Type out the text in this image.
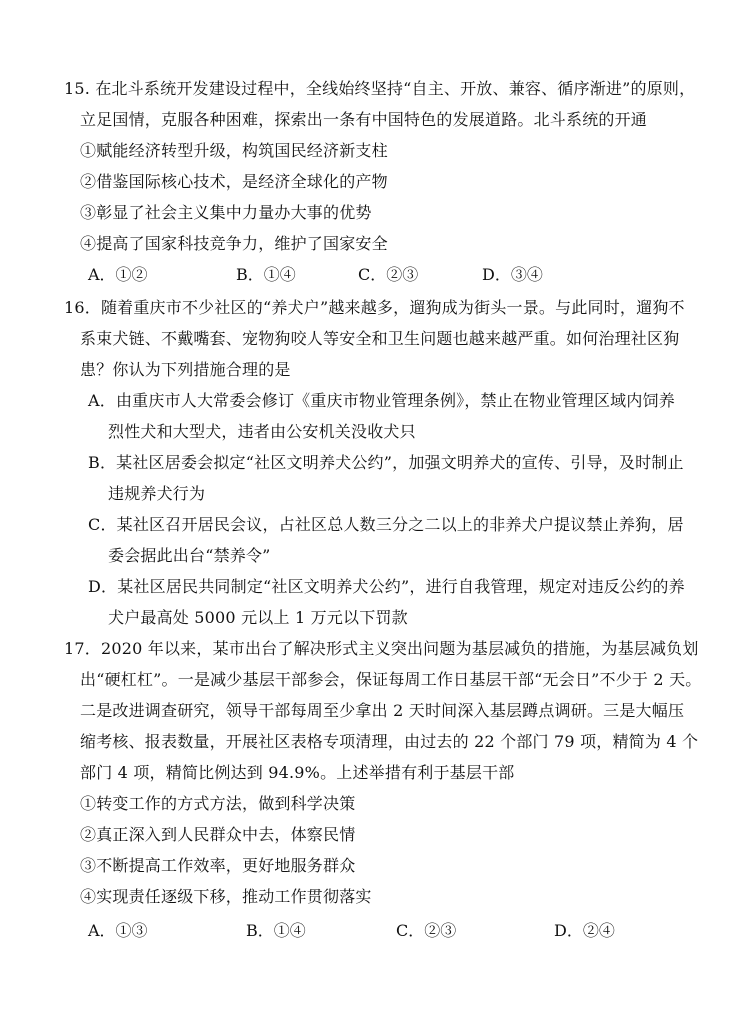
15. 在北斗系统开发建设过程中，全线始终坚持“自主、开放、兼容、循序渐进”的原则，
立足国情，克服各种困难，探索出一条有中国特色的发展道路。北斗系统的开通
①赋能经济转型升级，构筑国民经济新支柱
②借鉴国际核心技术，是经济全球化的产物
③彰显了社会主义集中力量办大事的优势
④提高了国家科技竞争力，维护了国家安全
A．①②	B．①④	C．②③	D．③④
16．随着重庆市不少社区的“养犬户”越来越多，遛狗成为街头一景。与此同时，遛狗不
系束犬链、不戴嘴套、宠物狗咬人等安全和卫生问题也越来越严重。如何治理社区狗
患？你认为下列措施合理的是
A．由重庆市人大常委会修订《重庆市物业管理条例》，禁止在物业管理区域内饲养
烈性犬和大型犬，违者由公安机关没收犬只
B．某社区居委会拟定“社区文明养犬公约”，加强文明养犬的宣传、引导，及时制止
违规养犬行为
C．某社区召开居民会议，占社区总人数三分之二以上的非养犬户提议禁止养狗，居
委会据此出台“禁养令”
D．某社区居民共同制定“社区文明养犬公约”，进行自我管理，规定对违反公约的养
犬户最高处 5000 元以上 1 万元以下罚款
17．2020 年以来，某市出台了解决形式主义突出问题为基层减负的措施，为基层减负划
出“硬杠杠”。一是减少基层干部参会，保证每周工作日基层干部“无会日”不少于 2 天。
二是改进调查研究，领导干部每周至少拿出 2 天时间深入基层蹲点调研。三是大幅压
缩考核、报表数量，开展社区表格专项清理，由过去的 22 个部门 79 项，精简为 4 个
部门 4 项，精简比例达到 94.9%。上述举措有利于基层干部
①转变工作的方式方法，做到科学决策
②真正深入到人民群众中去，体察民情
③不断提高工作效率，更好地服务群众
④实现责任逐级下移，推动工作贯彻落实
A．①③	B．①④	C．②③	D．②④
